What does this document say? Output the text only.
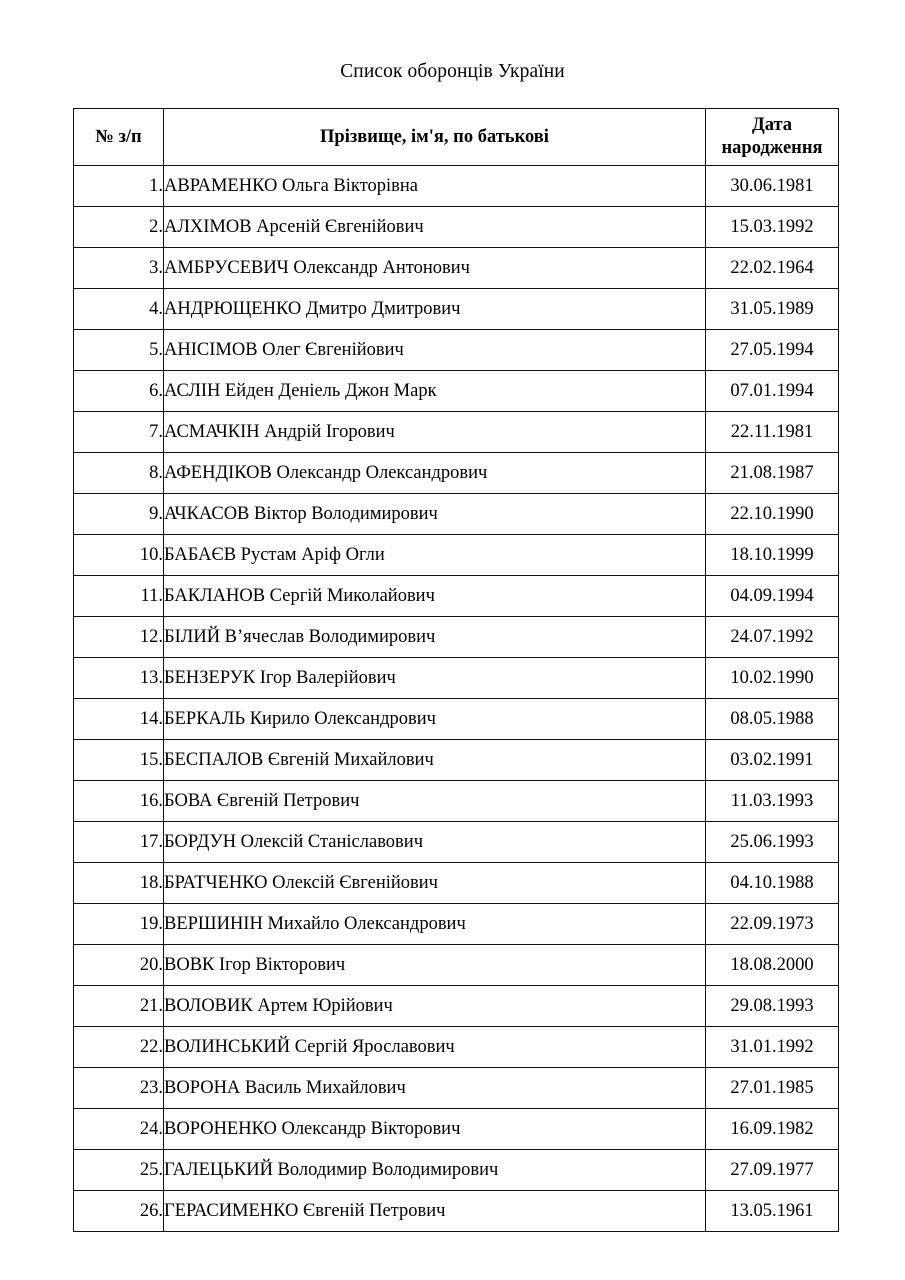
Список оборонців України
№ з/п	Прізвище, ім'я, по батькові	Дата
народження

1.	АВРАМЕНКО Ольга Вікторівна	30.06.1981
2.	АЛХІМОВ Арсеній Євгенійович	15.03.1992
3.	АМБРУСЕВИЧ Олександр Антонович	22.02.1964
4.	АНДРЮЩЕНКО Дмитро Дмитрович	31.05.1989
5.	АНІСІМОВ Олег Євгенійович	27.05.1994
6.	АСЛІН Ейден Деніель Джон Марк	07.01.1994
7.	АСМАЧКІН Андрій Ігорович	22.11.1981
8.	АФЕНДІКОВ Олександр Олександрович	21.08.1987
9.	АЧКАСОВ Віктор Володимирович	22.10.1990
10.	БАБАЄВ Рустам Аріф Огли	18.10.1999
11.	БАКЛАНОВ Сергій Миколайович	04.09.1994
12.	БІЛИЙ В’ячеслав Володимирович	24.07.1992
13.	БЕНЗЕРУК Ігор Валерійович	10.02.1990
14.	БЕРКАЛЬ Кирило Олександрович	08.05.1988
15.	БЕСПАЛОВ Євгеній Михайлович	03.02.1991
16.	БОВА Євгеній Петрович	11.03.1993
17.	БОРДУН Олексій Станіславович	25.06.1993
18.	БРАТЧЕНКО Олексій Євгенійович	04.10.1988
19.	ВЕРШИНІН Михайло Олександрович	22.09.1973
20.	ВОВК Ігор Вікторович	18.08.2000
21.	ВОЛОВИК Артем Юрійович	29.08.1993
22.	ВОЛИНСЬКИЙ Сергій Ярославович	31.01.1992
23.	ВОРОНА Василь Михайлович	27.01.1985
24.	ВОРОНЕНКО Олександр Вікторович	16.09.1982
25.	ГАЛЕЦЬКИЙ Володимир Володимирович	27.09.1977
26.	ГЕРАСИМЕНКО Євгеній Петрович	13.05.1961
